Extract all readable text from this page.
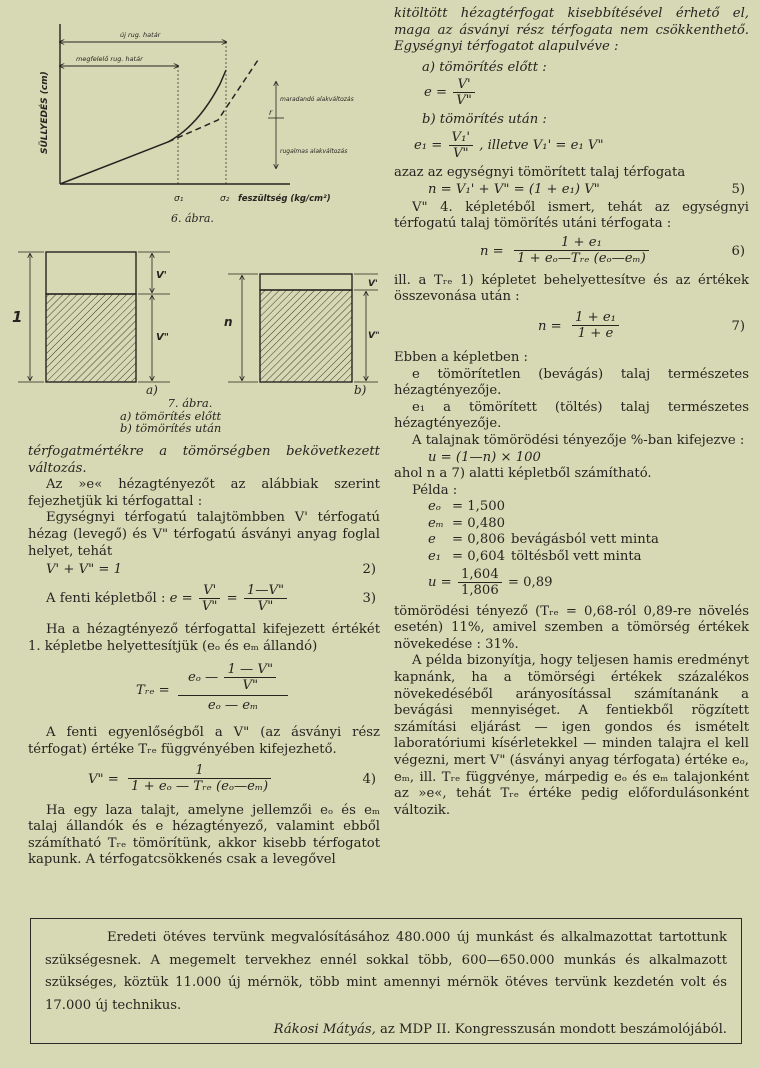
SÜLLYEDÉS (cm)
új rug. határ
megfelelő rug. határ
maradandó alakváltozás
r
rugalmas alakváltozás
σ₁	σ₂ feszültség (kg/cm²)
6. ábra.
1
V'
V"
n
V'
V"
a)	b)
7. ábra.
a) tömörítés előtt
b) tömörítés után

térfogatmértékre a tömörségben bekövetkezett változás.

Az »e« hézagtényezőt az alábbiak szerint fejezhetjük ki térfogattal :

Egységnyi térfogatú talajtömbben V' térfogatú hézag (levegő) és V" térfogatú ásványi anyag foglal helyet, tehát

V' + V" = 1	2)
A fenti képletből : $e = \frac{V'}{V"} = \frac{1—V"}{V"}$	3)

Ha a hézagtényező térfogattal kifejezett értékét 1. képletbe helyettesítjük (eₒ és eₘ állandó)

Tᵣₑ =
eₒ — $\frac{1 — V"}{V"}$
eₒ — eₘ

A fenti egyenlőségből a V" (az ásványi rész térfogat) értéke Tᵣₑ függvényében kifejezhető.

V" =
1
1 + eₒ — Tᵣₑ (eₒ—eₘ)	4)

Ha egy laza talajt, amelyne jellemzői eₒ és eₘ talaj állandók és e hézagtényező, valamint ebből számítható Tᵣₑ tömörítünk, akkor kisebb térfogatot kapunk. A térfogatcsökkenés csak a levegővel

kitöltött hézagtérfogat kisebbítésével érhető el, maga az ásványi rész térfogata nem csökkenthető. Egységnyi térfogatot alapulvéve :

a) tömörítés előtt :

$e = \frac{V'}{V"}$

b) tömörítés után :

$e_1 = \frac{\text{V₁'}}{V"}$ , illetve V₁' = e₁ V"

azaz az egységnyi tömörített talaj térfogata

n = V₁' + V" = (1 + e₁) V"	5)

V" 4. képletéből ismert, tehát az egységnyi térfogatú talaj tömörítés utáni térfogata :

n =
1 + e₁
1 + eₒ—Tᵣₑ (eₒ—eₘ)	6)

ill. a Tᵣₑ 1) képletet behelyettesítve és az értékek összevonása után :

$n = \frac{\text{1 + e₁}}{1 + e}$	7)

Ebben a képletben :

e tömörítetlen (bevágás) talaj természetes hézagtényezője.

e₁ a tömörített (töltés) talaj természetes hézagtényezője.

A talajnak tömörödési tényezője %-ban kifejezve :

u = (1—n) × 100

ahol n a 7) alatti képletből számítható.

Példa :

eₒ = 1,500
eₘ = 0,480
e = 0,806 bevágásból vett minta
e₁ = 0,604 töltésből vett minta
$u = \frac{1,604}{1,806} = 0,89$

tömörödési tényező (Tᵣₑ = 0,68-ról 0,89-re növelés esetén) 11%, amivel szemben a tömörség értékek növekedése : 31%.

A példa bizonyítja, hogy teljesen hamis eredményt kapnánk, ha a tömörségi értékek százalékos növekedéséből arányosítással számítanánk a bevágási mennyiséget. A fentiekből rögzített számítási eljárást — igen gondos és ismételt laboratóriumi kísérletekkel — minden talajra el kell végezni, mert V" (ásványi anyag térfogata) értéke eₒ, eₘ, ill. Tᵣₑ függvénye, márpedig eₒ és eₘ talajonként az »e«, tehát Tᵣₑ értéke pedig előfordulásonként változik.

Eredeti ötéves tervünk megvalósításához 480.000 új munkást és alkalmazottat tartottunk szükségesnek. A megemelt tervekhez ennél sokkal több, 600—650.000 munkás és alkalmazott szükséges, köztük 11.000 új mérnök, több mint amennyi mérnök ötéves tervünk kezdetén volt és 17.000 új technikus.

Rákosi Mátyás, az MDP II. Kongresszusán mondott beszámolójából.
